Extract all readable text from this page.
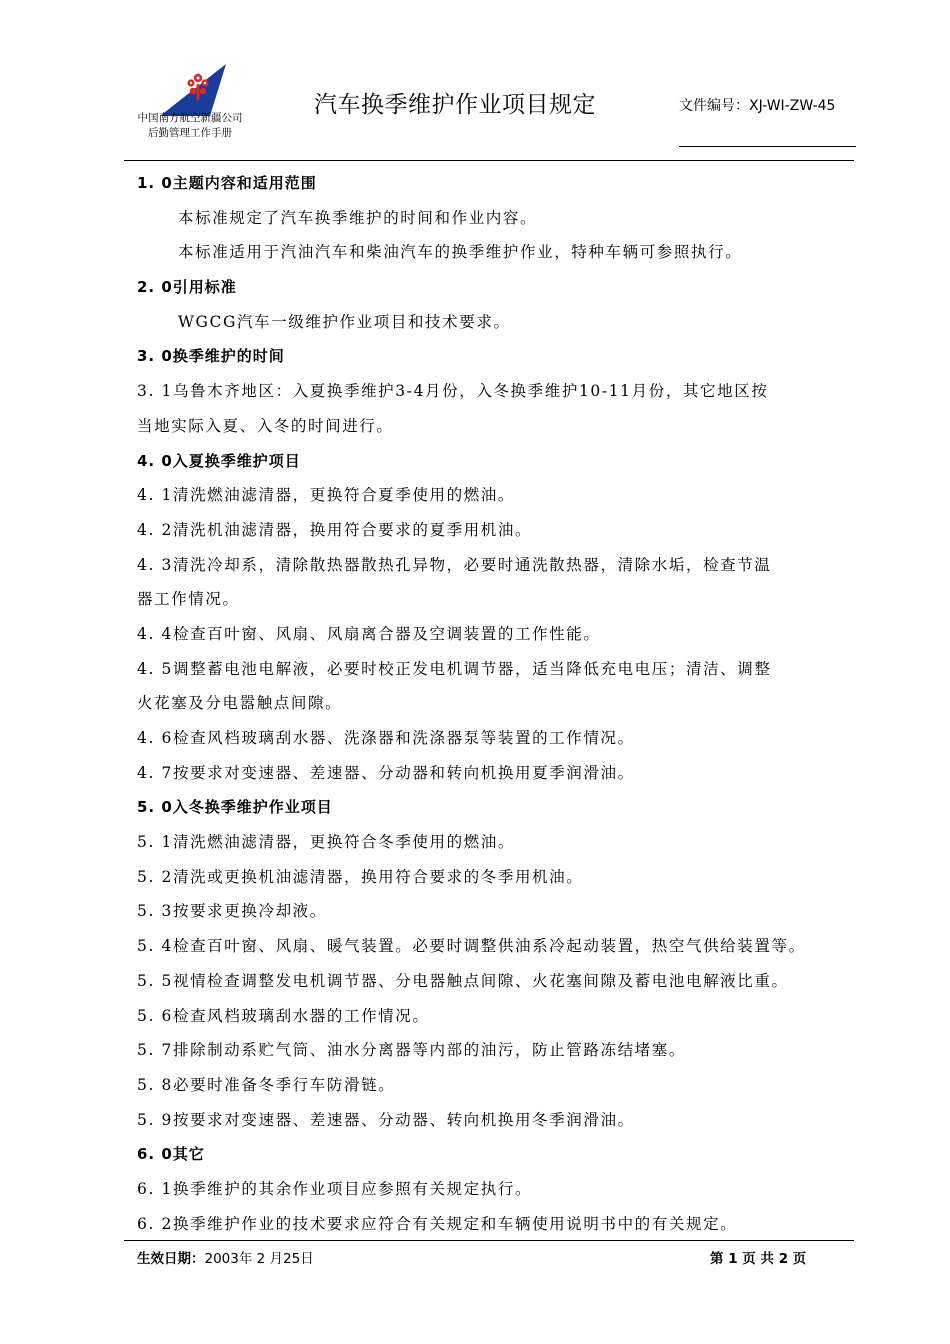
中国南方航空新疆公司
后勤管理工作手册
汽车换季维护作业项目规定	文件编号：XJ-WI-ZW-45
1. 0主题内容和适用范围
本标准规定了汽车换季维护的时间和作业内容。
本标准适用于汽油汽车和柴油汽车的换季维护作业，特种车辆可参照执行。
2. 0引用标准
WGCG汽车一级维护作业项目和技术要求。
3. 0换季维护的时间
3. 1乌鲁木齐地区：入夏换季维护3-4月份，入冬换季维护10-11月份，其它地区按
当地实际入夏、入冬的时间进行。
4. 0入夏换季维护项目
4. 1清洗燃油滤清器，更换符合夏季使用的燃油。
4. 2清洗机油滤清器，换用符合要求的夏季用机油。
4. 3清洗冷却系，清除散热器散热孔异物，必要时通洗散热器，清除水垢，检查节温
器工作情况。
4. 4检查百叶窗、风扇、风扇离合器及空调装置的工作性能。
4. 5调整蓄电池电解液，必要时校正发电机调节器，适当降低充电电压；清洁、调整
火花塞及分电嚣触点间隙。
4. 6检查风档玻璃刮水器、洗涤器和洗涤器泵等装置的工作情况。
4. 7按要求对变速器、差速器、分动器和转向机换用夏季润滑油。
5. 0入冬换季维护作业项目
5. 1清洗燃油滤清器，更换符合冬季使用的燃油。
5. 2清洗或更换机油滤清器，换用符合要求的冬季用机油。
5. 3按要求更换冷却液。
5. 4检查百叶窗、风扇、暖气装置。必要时调整供油系冷起动装置，热空气供给装置等。
5. 5视情检查调整发电机调节器、分电器触点间隙、火花塞间隙及蓄电池电解液比重。
5. 6检查风档玻璃刮水器的工作情况。
5. 7排除制动系贮气筒、油水分离器等内部的油污，防止管路冻结堵塞。
5. 8必要时准备冬季行车防滑链。
5. 9按要求对变速器、差速器、分动器、转向机换用冬季润滑油。
6. 0其它
6. 1换季维护的其余作业项目应参照有关规定执行。
6. 2换季维护作业的技术要求应符合有关规定和车辆使用说明书中的有关规定。
生效日期：2003年 2 月25日	第 1 页 共 2 页
